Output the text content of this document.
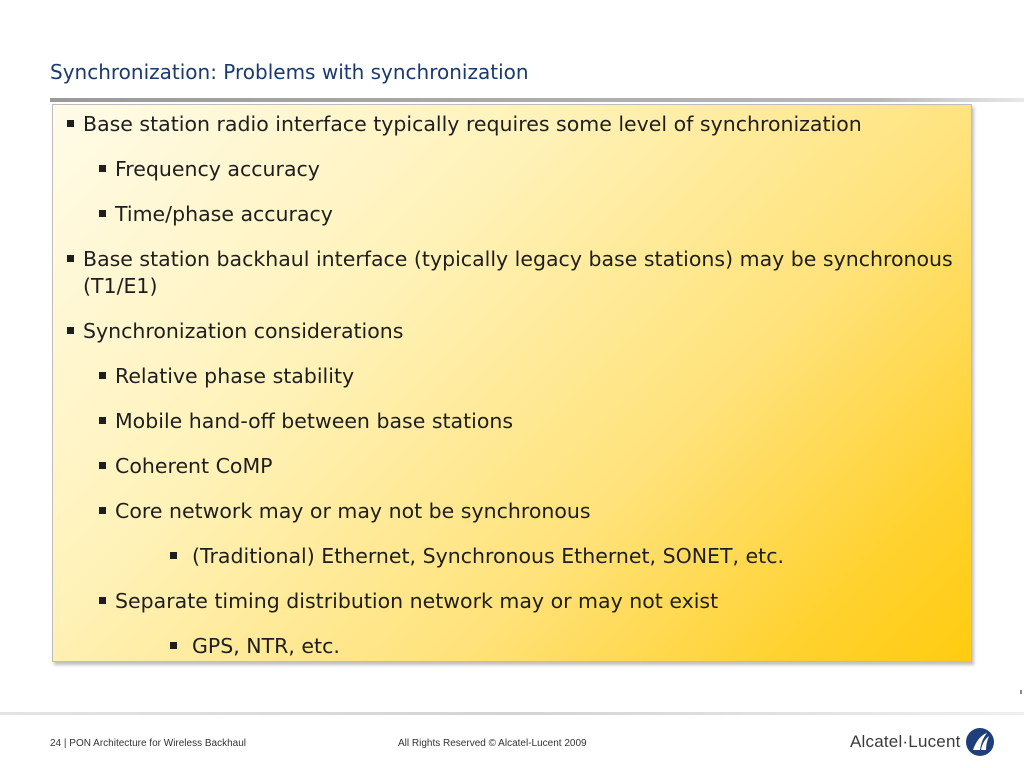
Synchronization: Problems with synchronization
Base station radio interface typically requires some level of synchronization
Frequency accuracy
Time/phase accuracy
Base station backhaul interface (typically legacy base stations) may be synchronous (T1/E1)
Synchronization considerations
Relative phase stability
Mobile hand-off between base stations
Coherent CoMP
Core network may or may not be synchronous
(Traditional) Ethernet, Synchronous Ethernet, SONET, etc.
Separate timing distribution network may or may not exist
GPS, NTR, etc.
24 | PON Architecture for Wireless Backhaul	All Rights Reserved © Alcatel-Lucent 2009	Alcatel·Lucent
